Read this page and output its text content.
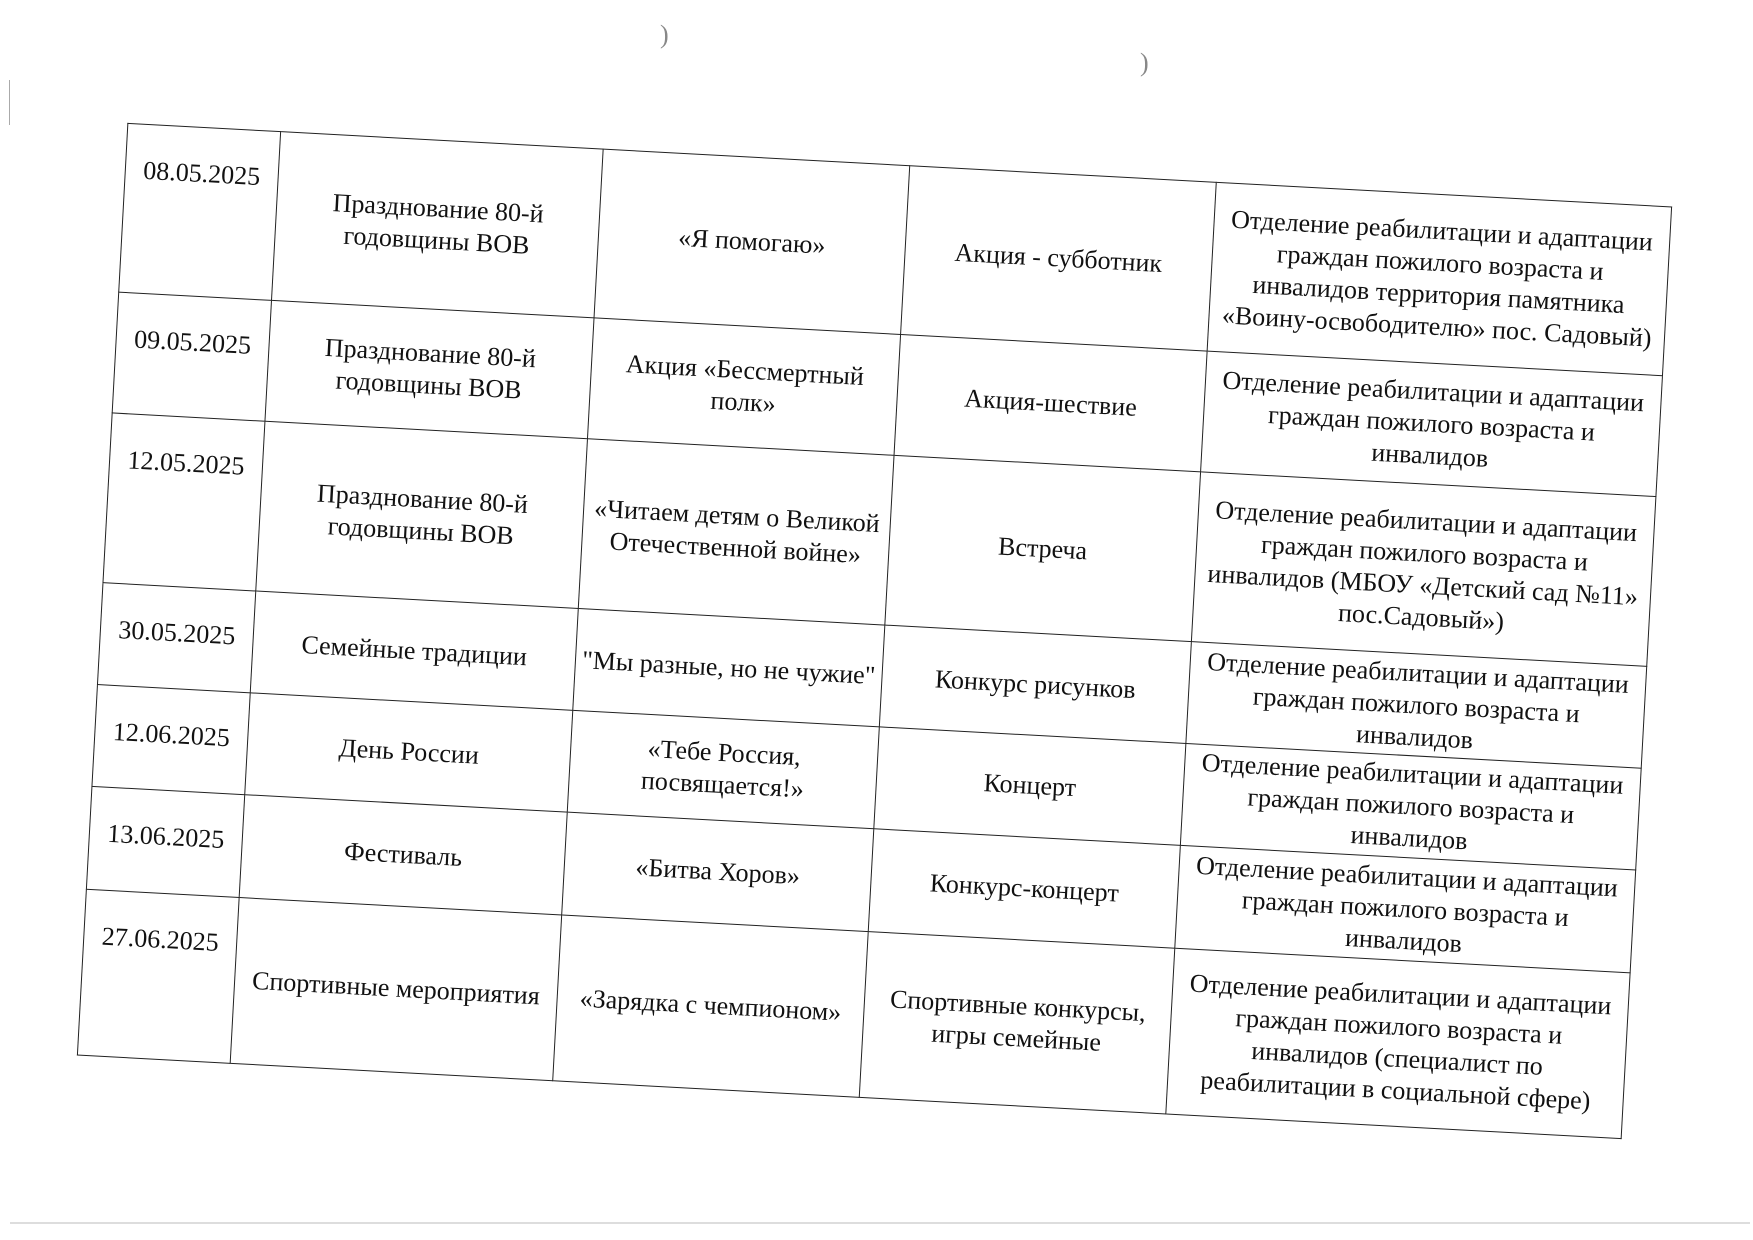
)
)
08.05.2025	Празднование 80-й годовщины ВОВ	«Я помогаю»	Акция - субботник	Отделение реабилитации и адаптации граждан пожилого возраста и инвалидов территория памятника «Воину-освободителю» пос. Садовый)
09.05.2025	Празднование 80-й годовщины ВОВ	Акция «Бессмертный полк»	Акция-шествие	Отделение реабилитации и адаптации граждан пожилого возраста и инвалидов
12.05.2025	Празднование 80-й годовщины ВОВ	«Читаем детям о Великой Отечественной войне»	Встреча	Отделение реабилитации и адаптации граждан пожилого возраста и инвалидов (МБОУ «Детский сад №11» пос.Садовый»)
30.05.2025	Семейные традиции	"Мы разные, но не чужие"	Конкурс рисунков	Отделение реабилитации и адаптации граждан пожилого возраста и инвалидов
12.06.2025	День России	«Тебе Россия, посвящается!»	Концерт	Отделение реабилитации и адаптации граждан пожилого возраста и инвалидов
13.06.2025	Фестиваль	«Битва Хоров»	Конкурс-концерт	Отделение реабилитации и адаптации граждан пожилого возраста и инвалидов
27.06.2025	Спортивные мероприятия	«Зарядка с чемпионом»	Спортивные конкурсы, игры семейные	Отделение реабилитации и адаптации граждан пожилого возраста и инвалидов (специалист по реабилитации в социальной сфере)
